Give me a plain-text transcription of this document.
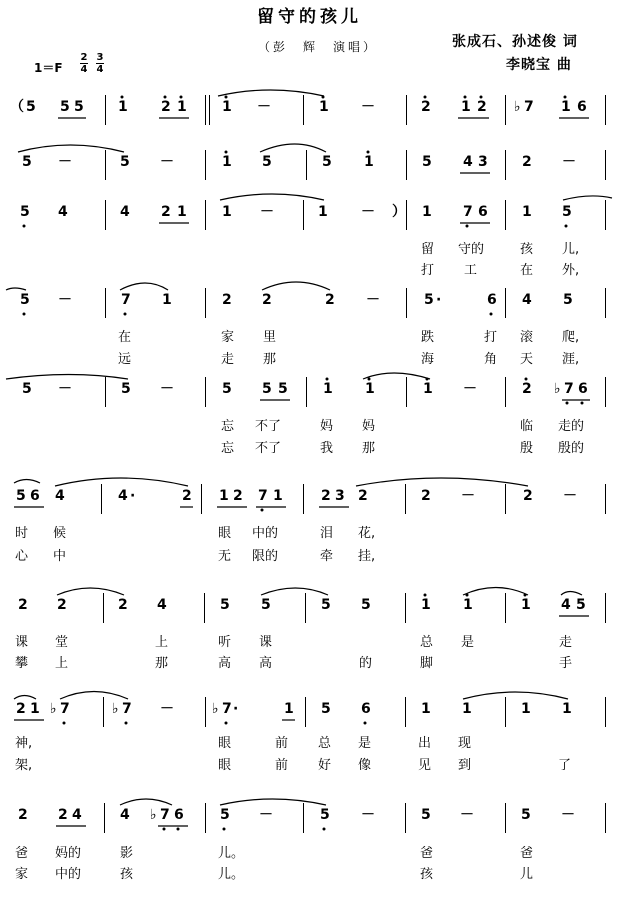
留守的孩儿
（彭　辉　演唱）	张成石、孙述俊 词
李晓宝 曲
1＝F
2
4
3
4
（ 5 5 5 1 2 1	1 －	1 －	2 1 2 ♭ 7 1 6
5 －	5 －	1 5	5 1	5 4 3 2 －
5 4	4 2 1	1 －	1 － ） 1 7 6 1 5
留 守的	孩 儿,
打 工	在 外,
5 －	7 1	2 2	2 －	5 ·	6 4 5
在	家 里	跌	打 滚 爬,
远	走 那	海	角 天 涯,
5 －	5 －	5 5 5	1 1	1 －	2 ♭ 7 6
忘 不了	妈 妈	临 走的
忘 不了	我 那	殷 殷的
5 6 4	4 ·	2 1 2 7 1	2 3 2	2 －	2 －
时 候	眼 中的	泪 花,
心 中	无 限的	牵 挂,
2 2	2 4	5 5	5 5	1 1	1 4 5
课 堂	上	听 课	总 是	走
攀 上	那	高 高	的	脚	手
2 1 ♭ 7	♭ 7 －	♭ 7 ·	1 5 6	1 1	1 1
神,	眼	前 总 是	出 现
架,	眼	前 好 像	见 到	了
2 2 4	4 ♭ 7 6	5 －	5 －	5 －	5 －
爸 妈的	影	儿。	爸	爸
家 中的	孩	儿。	孩	儿
